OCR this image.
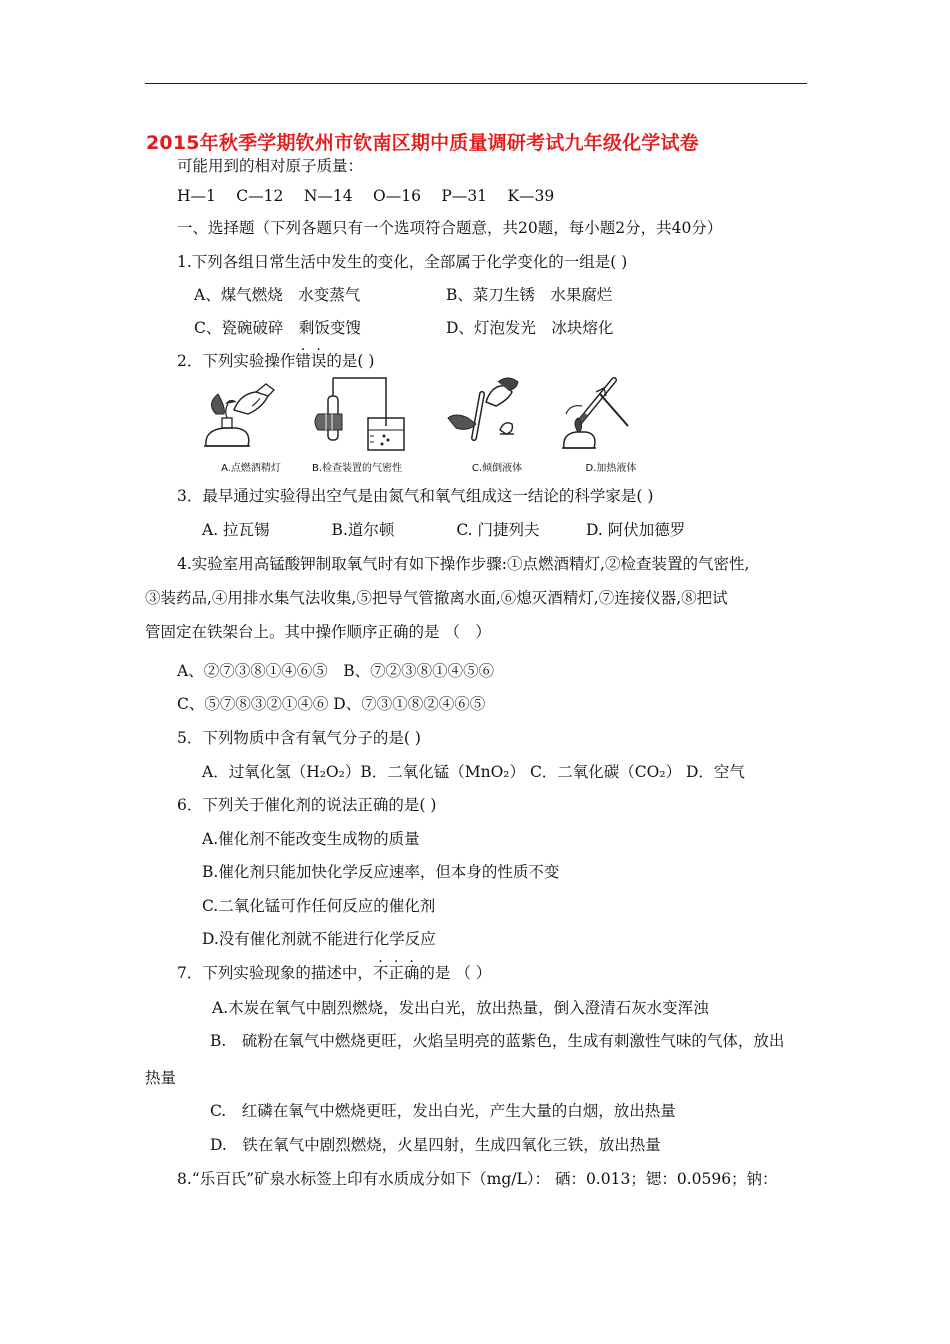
2015年秋季学期钦州市钦南区期中质量调研考试九年级化学试卷
可能用到的相对原子质量：
H—1　 C—12　 N—14　 O—16　 P—31　 K—39
一、选择题（下列各题只有一个选项符合题意，共20题，每小题2分，共40分）
1.下列各组日常生活中发生的变化，全部属于化学变化的一组是( )
A、煤气燃烧　水变蒸气	B、菜刀生锈　水果腐烂
C、瓷碗破碎　剩饭变馊	D、灯泡发光　冰块熔化
2．下列实验操作错误的是( )
A.点燃酒精灯	B.检查装置的气密性	C.倾倒液体	D.加热液体
3．最早通过实验得出空气是由氮气和氧气组成这一结论的科学家是( )
A. 拉瓦锡　　　　B.道尔顿　　　　C. 门捷列夫　　　D. 阿伏加德罗
4.实验室用高锰酸钾制取氧气时有如下操作步骤:①点燃酒精灯,②检查装置的气密性,
③装药品,④用排水集气法收集,⑤把导气管撤离水面,⑥熄灭酒精灯,⑦连接仪器,⑧把试
管固定在铁架台上。其中操作顺序正确的是 （　）
A、②⑦③⑧①④⑥⑤　B、⑦②③⑧①④⑤⑥
C、⑤⑦⑧③②①④⑥ D、⑦③①⑧②④⑥⑤
5．下列物质中含有氧气分子的是( )
A．过氧化氢（H₂O₂）B．二氧化锰（MnO₂） C．二氧化碳（CO₂） D．空气
6．下列关于催化剂的说法正确的是( )
A.催化剂不能改变生成物的质量
B.催化剂只能加快化学反应速率，但本身的性质不变
C.二氧化锰可作任何反应的催化剂
D.没有催化剂就不能进行化学反应
7．下列实验现象的描述中，不正确的是 （ ）
A.木炭在氧气中剧烈燃烧，发出白光，放出热量，倒入澄清石灰水变浑浊
B.　硫粉在氧气中燃烧更旺，火焰呈明亮的蓝紫色，生成有刺激性气味的气体，放出
热量
C.　红磷在氧气中燃烧更旺，发出白光，产生大量的白烟，放出热量
D.　铁在氧气中剧烈燃烧，火星四射，生成四氧化三铁，放出热量
8.“乐百氏”矿泉水标签上印有水质成分如下（mg/L）： 硒：0.013；锶：0.0596；钠：
